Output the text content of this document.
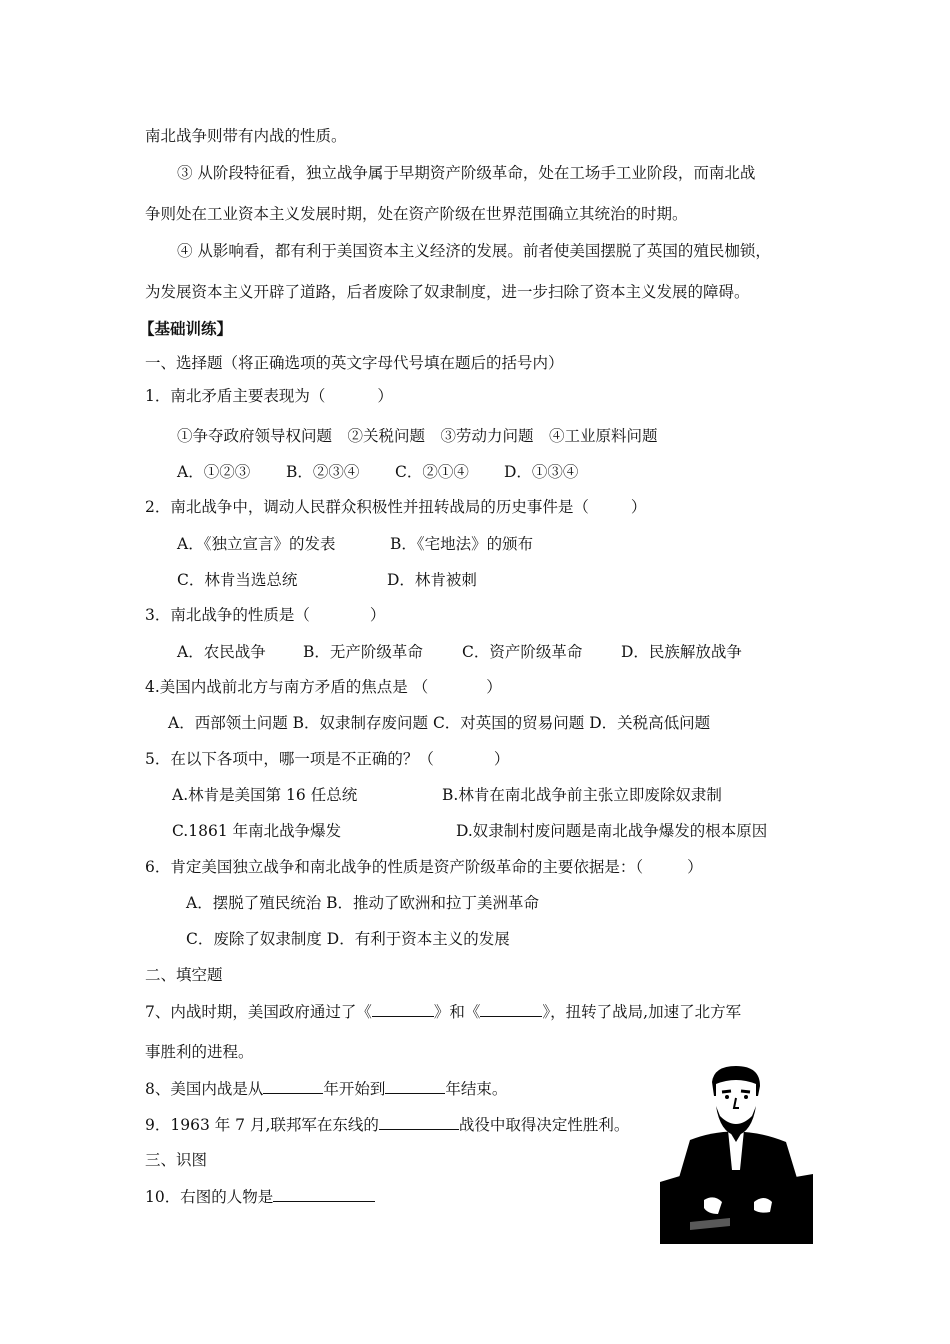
南北战争则带有内战的性质。
③ 从阶段特征看，独立战争属于早期资产阶级革命，处在工场手工业阶段，而南北战
争则处在工业资本主义发展时期，处在资产阶级在世界范围确立其统治的时期。
④ 从影响看，都有利于美国资本主义经济的发展。前者使美国摆脱了英国的殖民枷锁，
为发展资本主义开辟了道路，后者废除了奴隶制度，进一步扫除了资本主义发展的障碍。
【基础训练】
一、选择题（将正确选项的英文字母代号填在题后的括号内）
1．南北矛盾主要表现为（	）
①争夺政府领导权问题　②关税问题　③劳动力问题　④工业原料问题
A．①②③ B．②③④ C．②①④ D．①③④
2．南北战争中，调动人民群众积极性并扭转战局的历史事件是（	）
A．《独立宣言》的发表	B．《宅地法》的颁布
C．林肯当选总统	D．林肯被刺
3．南北战争的性质是（	）
A．农民战争 B．无产阶级革命	C．资产阶级革命 D．民族解放战争
4.美国内战前北方与南方矛盾的焦点是 （	）
A．西部领土问题 B．奴隶制存废问题 C．对英国的贸易问题 D．关税高低问题
5．在以下各项中，哪一项是不正确的？（	）
A.林肯是美国第 16 任总统	B.林肯在南北战争前主张立即废除奴隶制
C.1861 年南北战争爆发	D.奴隶制村废问题是南北战争爆发的根本原因
6．肯定美国独立战争和南北战争的性质是资产阶级革命的主要依据是：（	）
A．摆脱了殖民统治 B．推动了欧洲和拉丁美洲革命
C．废除了奴隶制度 D．有利于资本主义的发展
二、填空题
7、内战时期，美国政府通过了《	》和《	》，扭转了战局,加速了北方军
事胜利的进程。
8、美国内战是从	年开始到	年结束。
9．1963 年 7 月,联邦军在东线的	战役中取得决定性胜利。
三、识图
10．右图的人物是
